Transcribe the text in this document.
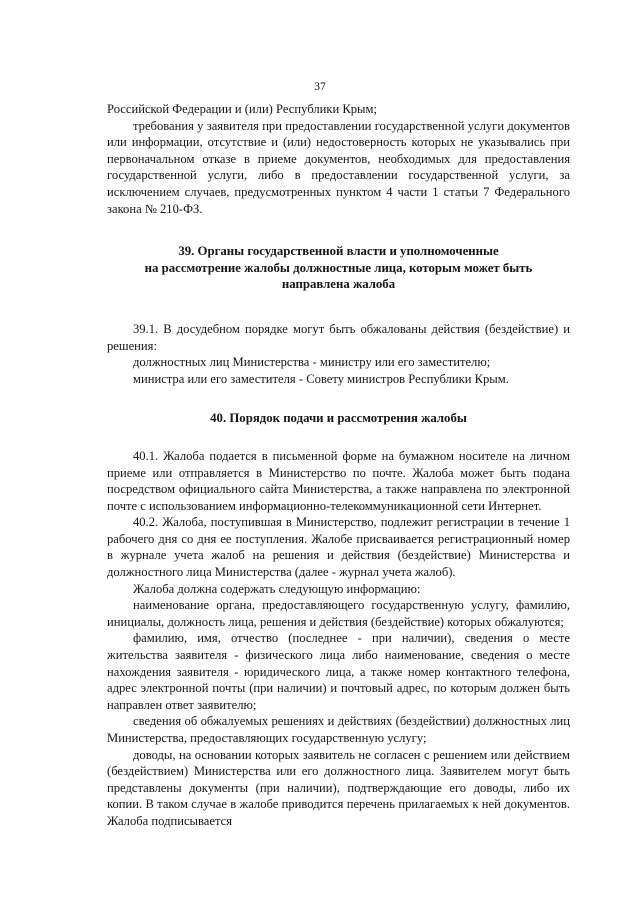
37

Российской Федерации и (или) Республики Крым;

требования у заявителя при предоставлении государственной услуги документов или информации, отсутствие и (или) недостоверность которых не указывались при первоначальном отказе в приеме документов, необходимых для предоставления государственной услуги, либо в предоставлении государственной услуги, за исключением случаев, предусмотренных пунктом 4 части 1 статьи 7 Федерального закона № 210-ФЗ.

39. Органы государственной власти и уполномоченные
на рассмотрение жалобы должностные лица, которым может быть
направлена жалоба

39.1. В досудебном порядке могут быть обжалованы действия (бездействие) и решения:

должностных лиц Министерства - министру или его заместителю;

министра или его заместителя - Совету министров Республики Крым.

40. Порядок подачи и рассмотрения жалобы

40.1. Жалоба подается в письменной форме на бумажном носителе на личном приеме или отправляется в Министерство по почте. Жалоба может быть подана посредством официального сайта Министерства, а также направлена по электронной почте с использованием информационно-телекоммуникационной сети Интернет.

40.2. Жалоба, поступившая в Министерство, подлежит регистрации в течение 1 рабочего дня со дня ее поступления. Жалобе присваивается регистрационный номер в журнале учета жалоб на решения и действия (бездействие) Министерства и должностного лица Министерства (далее - журнал учета жалоб).

Жалоба должна содержать следующую информацию:

наименование органа, предоставляющего государственную услугу, фамилию, инициалы, должность лица, решения и действия (бездействие) которых обжалуются;

фамилию, имя, отчество (последнее - при наличии), сведения о месте жительства заявителя - физического лица либо наименование, сведения о месте нахождения заявителя - юридического лица, а также номер контактного телефона, адрес электронной почты (при наличии) и почтовый адрес, по которым должен быть направлен ответ заявителю;

сведения об обжалуемых решениях и действиях (бездействии) должностных лиц Министерства, предоставляющих государственную услугу;

доводы, на основании которых заявитель не согласен с решением или действием (бездействием) Министерства или его должностного лица. Заявителем могут быть представлены документы (при наличии), подтверждающие его доводы, либо их копии. В таком случае в жалобе приводится перечень прилагаемых к ней документов. Жалоба подписывается
